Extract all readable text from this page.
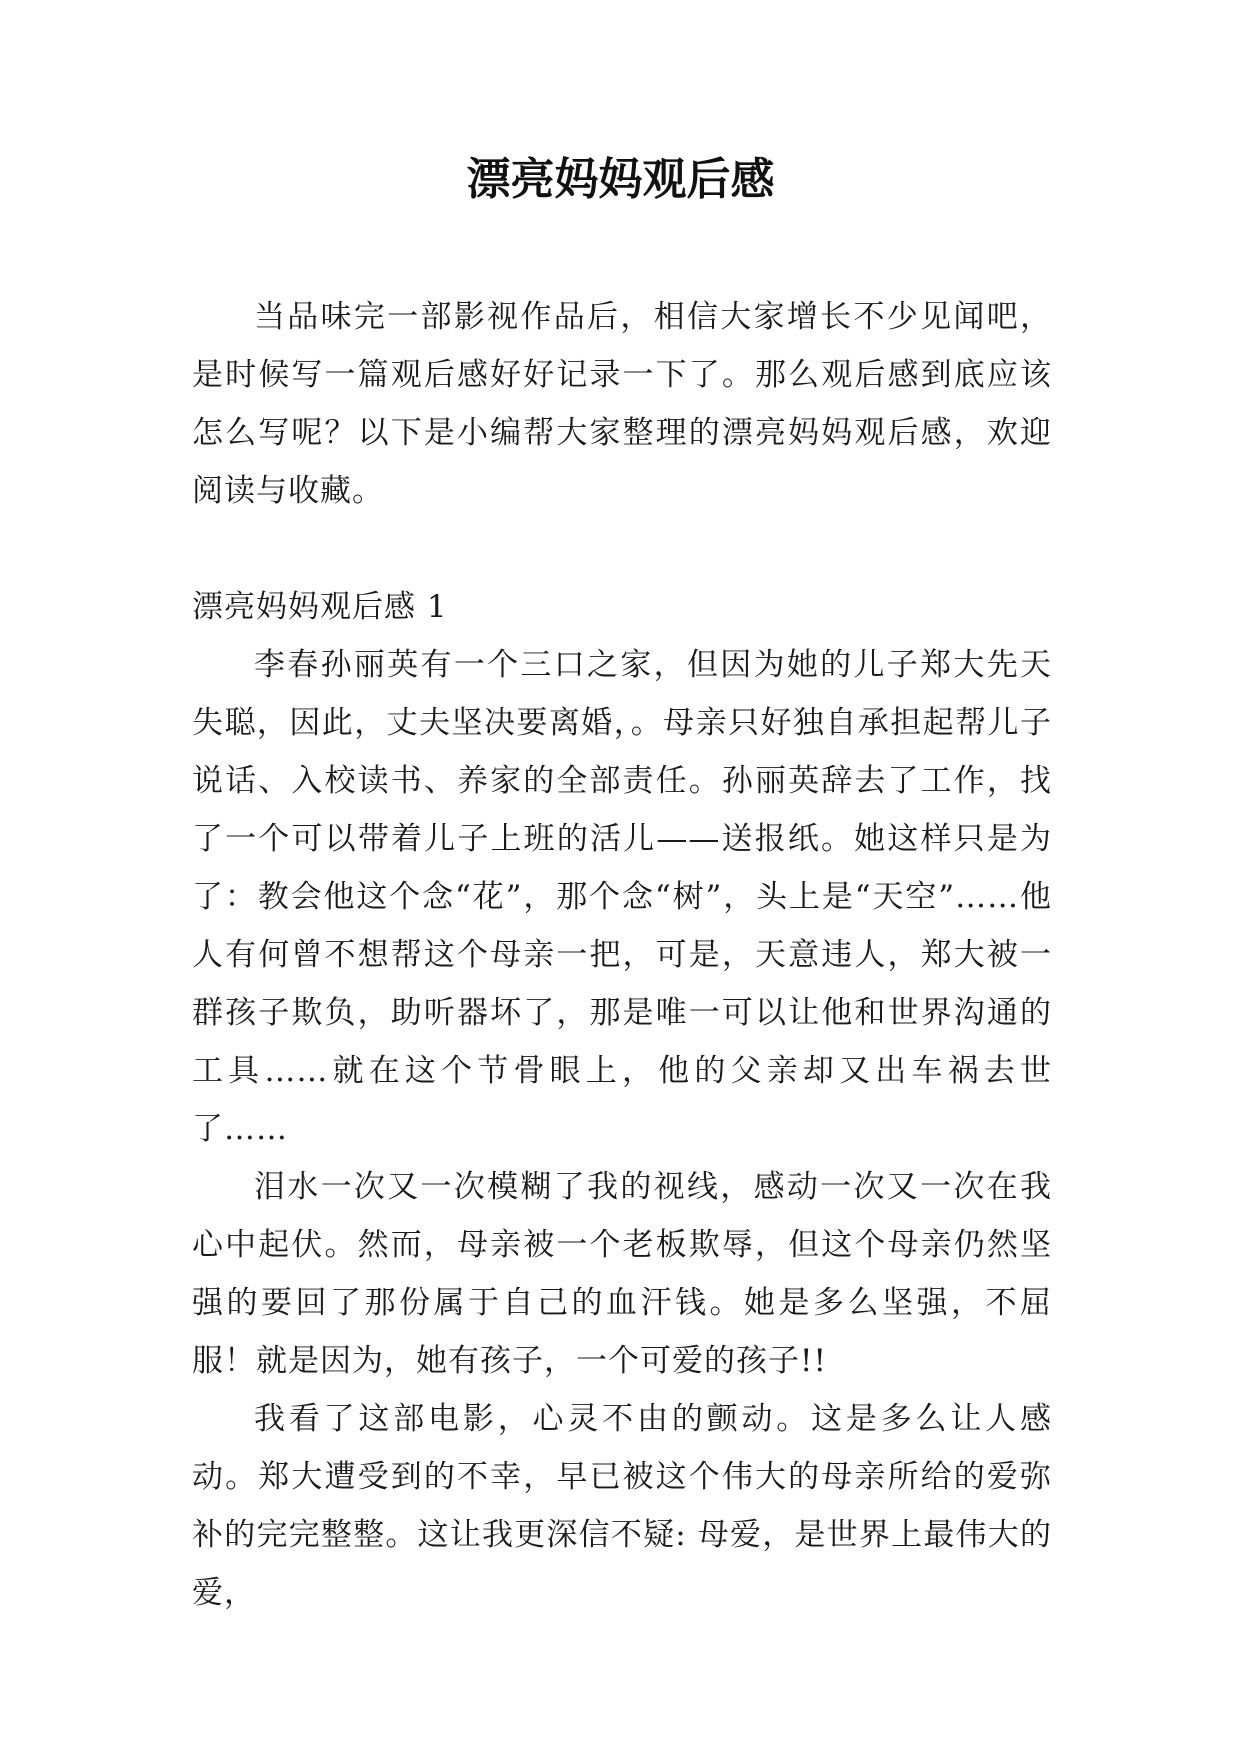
漂亮妈妈观后感

当品味完一部影视作品后，相信大家增长不少见闻吧，是时候写一篇观后感好好记录一下了。那么观后感到底应该怎么写呢？以下是小编帮大家整理的漂亮妈妈观后感，欢迎阅读与收藏。

漂亮妈妈观后感 1

李春孙丽英有一个三口之家，但因为她的儿子郑大先天失聪，因此，丈夫坚决要离婚，。母亲只好独自承担起帮儿子说话、入校读书、养家的全部责任。孙丽英辞去了工作，找了一个可以带着儿子上班的活儿——送报纸。她这样只是为了：教会他这个念“花”，那个念“树”，头上是“天空”……他人有何曾不想帮这个母亲一把，可是，天意违人，郑大被一群孩子欺负，助听器坏了，那是唯一可以让他和世界沟通的工具……就在这个节骨眼上，他的父亲却又出车祸去世了……

泪水一次又一次模糊了我的视线，感动一次又一次在我心中起伏。然而，母亲被一个老板欺辱，但这个母亲仍然坚强的要回了那份属于自己的血汗钱。她是多么坚强，不屈服！就是因为，她有孩子，一个可爱的孩子!!

我看了这部电影，心灵不由的颤动。这是多么让人感动。郑大遭受到的不幸，早已被这个伟大的母亲所给的爱弥补的完完整整。这让我更深信不疑: 母爱，是世界上最伟大的爱，
